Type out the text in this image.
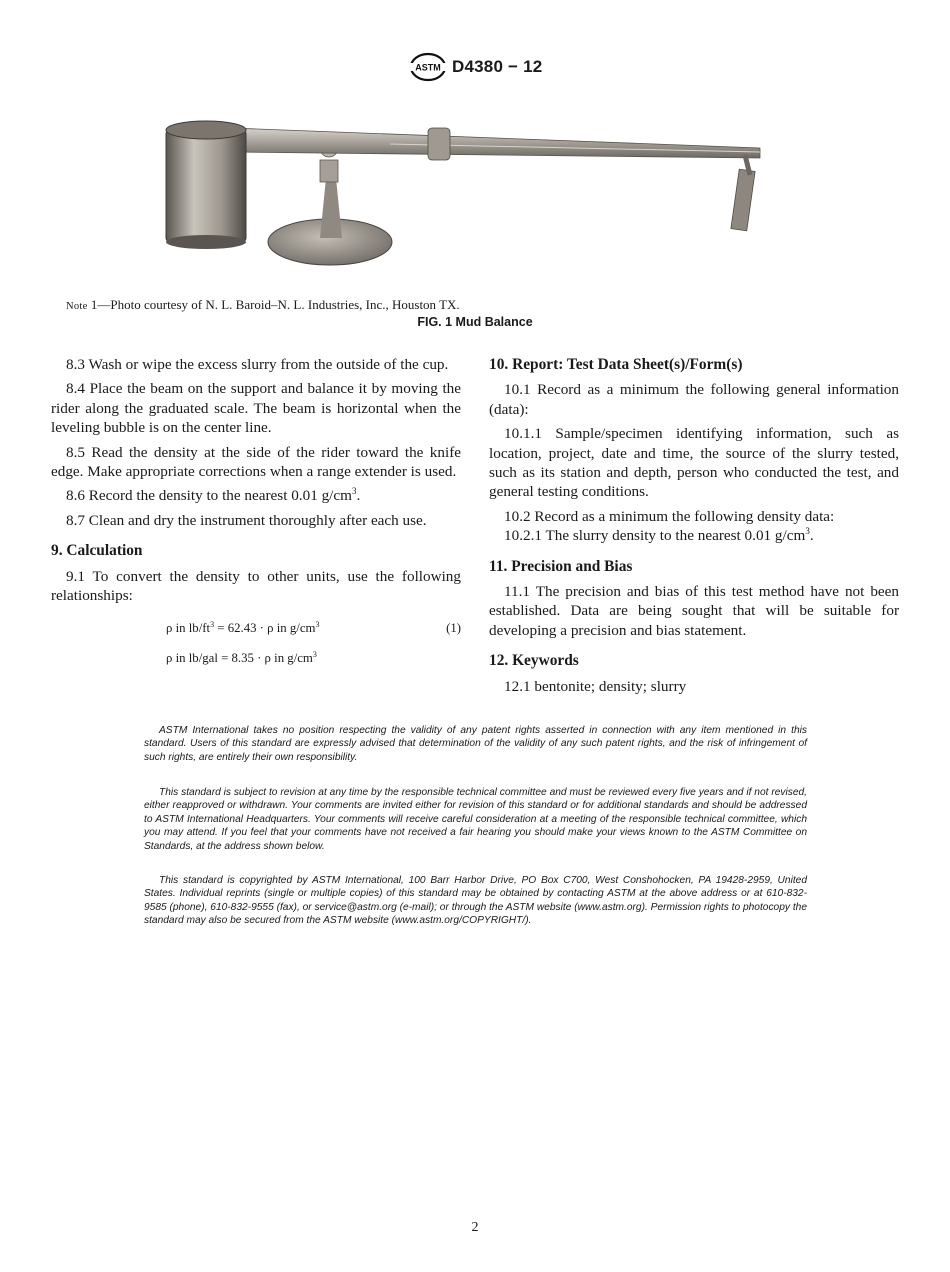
ASTM D4380 − 12
Note 1—Photo courtesy of N. L. Baroid–N. L. Industries, Inc., Houston TX.
FIG. 1 Mud Balance

8.3 Wash or wipe the excess slurry from the outside of the cup.

8.4 Place the beam on the support and balance it by moving the rider along the graduated scale. The beam is horizontal when the leveling bubble is on the center line.

8.5 Read the density at the side of the rider toward the knife edge. Make appropriate corrections when a range extender is used.

8.6 Record the density to the nearest 0.01 $g/cm^3$.

8.7 Clean and dry the instrument thoroughly after each use.

9. Calculation

9.1 To convert the density to other units, use the following relationships:

ρ in $lb/ft^3 = 62.43 \cdot \rho$ in $g/cm^3$	(1)
ρ in lb/gal = 8.35 · ρ in $g/cm^3$
10. Report: Test Data Sheet(s)/Form(s)

10.1 Record as a minimum the following general information (data):

10.1.1 Sample/specimen identifying information, such as location, project, date and time, the source of the slurry tested, such as its station and depth, person who conducted the test, and general testing conditions.

10.2 Record as a minimum the following density data:

10.2.1 The slurry density to the nearest 0.01 $g/cm^3$.

11. Precision and Bias

11.1 The precision and bias of this test method have not been established. Data are being sought that will be suitable for developing a precision and bias statement.

12. Keywords

12.1 bentonite; density; slurry

ASTM International takes no position respecting the validity of any patent rights asserted in connection with any item mentioned in this standard. Users of this standard are expressly advised that determination of the validity of any such patent rights, and the risk of infringement of such rights, are entirely their own responsibility.

This standard is subject to revision at any time by the responsible technical committee and must be reviewed every five years and if not revised, either reapproved or withdrawn. Your comments are invited either for revision of this standard or for additional standards and should be addressed to ASTM International Headquarters. Your comments will receive careful consideration at a meeting of the responsible technical committee, which you may attend. If you feel that your comments have not received a fair hearing you should make your views known to the ASTM Committee on Standards, at the address shown below.

This standard is copyrighted by ASTM International, 100 Barr Harbor Drive, PO Box C700, West Conshohocken, PA 19428-2959, United States. Individual reprints (single or multiple copies) of this standard may be obtained by contacting ASTM at the above address or at 610-832-9585 (phone), 610-832-9555 (fax), or service@astm.org (e-mail); or through the ASTM website (www.astm.org). Permission rights to photocopy the standard may also be secured from the ASTM website (www.astm.org/COPYRIGHT/).

2
